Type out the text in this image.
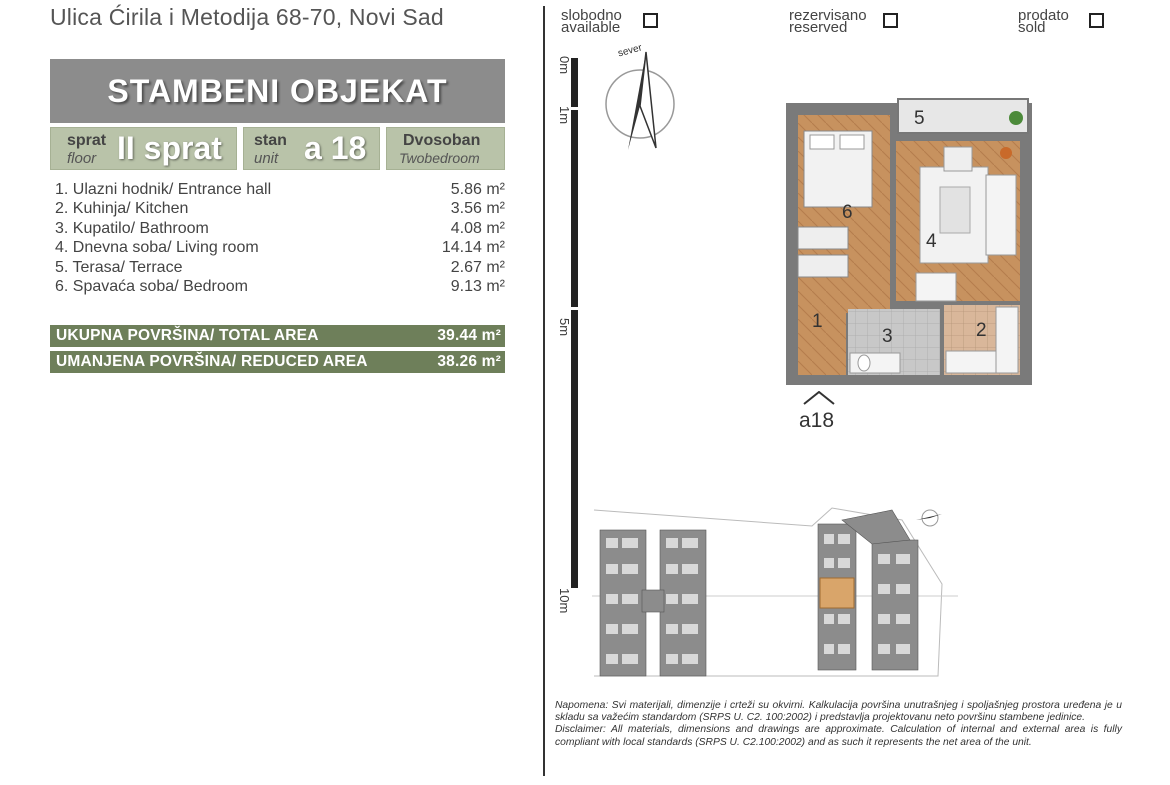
Ulica Ćirila i Metodija 68-70, Novi Sad
STAMBENI OBJEKAT
sprat
floor II sprat stan
unit a 18 Dvosoban
Twobedroom
1. Ulazni hodnik/ Entrance hall	5.86 m²
2. Kuhinja/ Kitchen	3.56 m²
3. Kupatilo/ Bathroom	4.08 m²
4. Dnevna soba/ Living room	14.14 m²
5. Terasa/ Terrace	2.67 m²
6. Spavaća soba/ Bedroom	9.13 m²
UKUPNA POVRŠINA/ TOTAL AREA	39.44 m²
UMANJENA POVRŠINA/ REDUCED AREA	38.26 m²
slobodno
available
rezervisano
reserved
prodato
sold
0m
1m
5m
10m
sever
1	2
3
4
5
6
a18
Napomena: Svi materijali, dimenzije i crteži su okvirni. Kalkulacija površina unutrašnjeg i spoljašnjeg prostora uređena je u skladu sa važećim standardom (SRPS U. C2. 100:2002) i predstavlja projektovanu neto površinu stambene jedinice.
Disclaimer: All materials, dimensions and drawings are approximate. Calculation of internal and external area is fully compliant with local standards (SRPS U. C2.100:2002) and as such it represents the net area of the unit.
